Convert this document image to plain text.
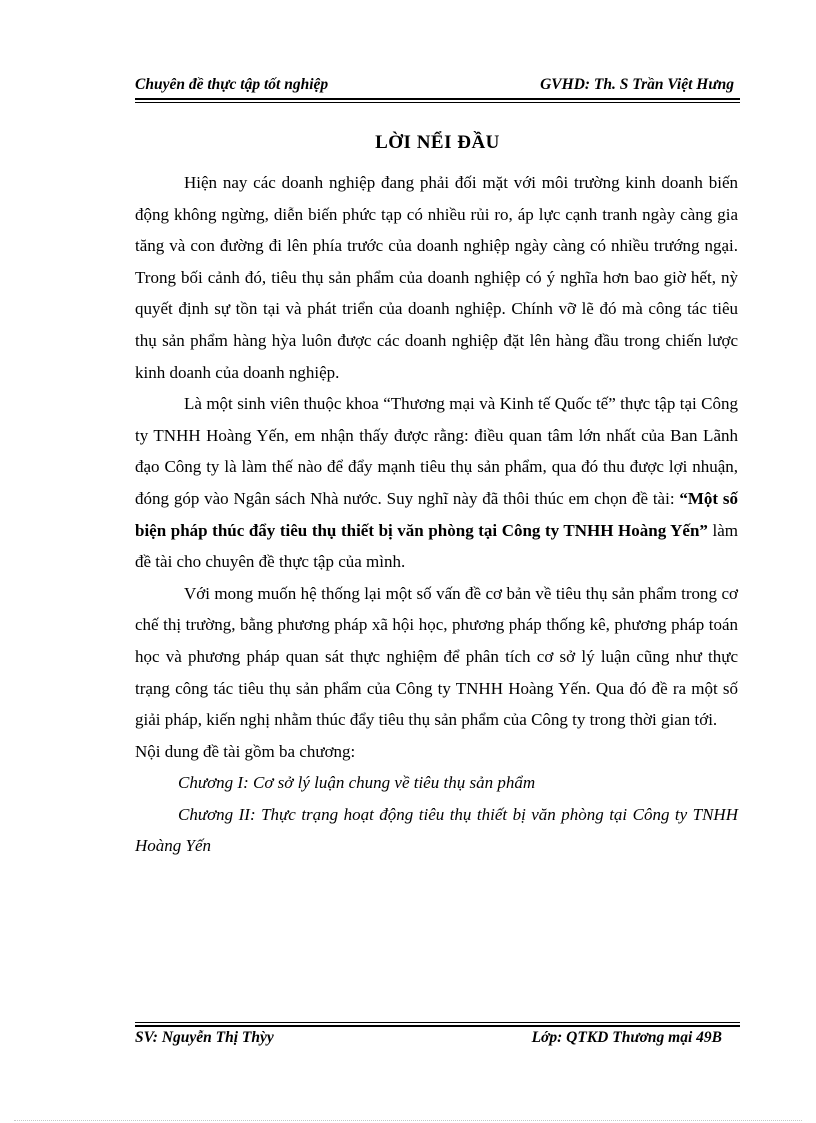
Chuyên đề thực tập tốt nghiệp	GVHD: Th. S Trần Việt Hưng
LỜI NỂI ĐẦU

Hiện nay các doanh nghiệp đang phải đối mặt với môi trường kinh doanh biến động không ngừng, diễn biến phức tạp có nhiều rủi ro, áp lực cạnh tranh ngày càng gia tăng và con đường đi lên phía trước của doanh nghiệp ngày càng có nhiều trướng ngại. Trong bối cảnh đó, tiêu thụ sản phẩm của doanh nghiệp có ý nghĩa hơn bao giờ hết, nỳ quyết định sự tồn tại và phát triển của doanh nghiệp. Chính vỡ lẽ đó mà công tác tiêu thụ sản phẩm hàng hỳa luôn được các doanh nghiệp đặt lên hàng đầu trong chiến lược kinh doanh của doanh nghiệp.

Là một sinh viên thuộc khoa “Thương mại và Kinh tế Quốc tế” thực tập tại Công ty TNHH Hoàng Yến, em nhận thấy được rằng: điều quan tâm lớn nhất của Ban Lãnh đạo Công ty là làm thế nào để đẩy mạnh tiêu thụ sản phẩm, qua đó thu được lợi nhuận, đóng góp vào Ngân sách Nhà nước. Suy nghĩ này đã thôi thúc em chọn đề tài: “Một số biện pháp thúc đẩy tiêu thụ thiết bị văn phòng tại Công ty TNHH Hoàng Yến” làm đề tài cho chuyên đề thực tập của mình.

Với mong muốn hệ thống lại một số vấn đề cơ bản về tiêu thụ sản phẩm trong cơ chế thị trường, bằng phương pháp xã hội học, phương pháp thống kê, phương pháp toán học và phương pháp quan sát thực nghiệm để phân tích cơ sở lý luận cũng như thực trạng công tác tiêu thụ sản phẩm của Công ty TNHH Hoàng Yến. Qua đó đề ra một số giải pháp, kiến nghị nhằm thúc đẩy tiêu thụ sản phẩm của Công ty trong thời gian tới.

Nội dung đề tài gồm ba chương:

Chương I: Cơ sở lý luận chung về tiêu thụ sản phẩm

Chương II: Thực trạng hoạt động tiêu thụ thiết bị văn phòng tại Công ty TNHH Hoàng Yến

SV: Nguyễn Thị Thỳy	Lớp: QTKD Thương mại 49B
